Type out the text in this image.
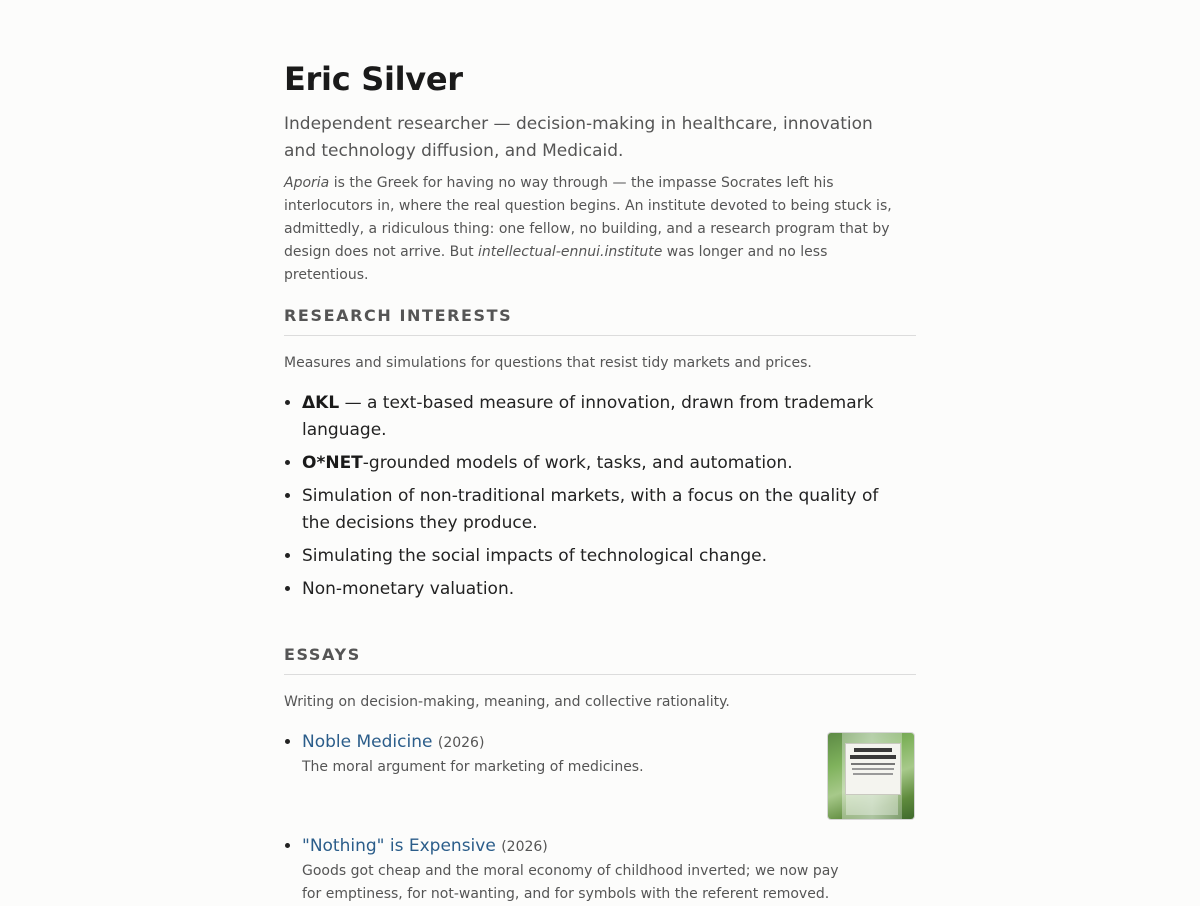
Eric Silver

Independent researcher — decision-making in healthcare, innovation and technology diffusion, and Medicaid.

Aporia is the Greek for having no way through — the impasse Socrates left his interlocutors in, where the real question begins. An institute devoted to being stuck is, admittedly, a ridiculous thing: one fellow, no building, and a research program that by design does not arrive. But intellectual-ennui.institute was longer and no less pretentious.

RESEARCH INTERESTS

Measures and simulations for questions that resist tidy markets and prices.

• ΔKL — a text-based measure of innovation, drawn from trademark language.
• O*NET-grounded models of work, tasks, and automation.
• Simulation of non-traditional markets, with a focus on the quality of the decisions they produce.
• Simulating the social impacts of technological change.
• Non-monetary valuation.
ESSAYS

Writing on decision-making, meaning, and collective rationality.

• Noble Medicine (2026)
The moral argument for marketing of medicines.
• "Nothing" is Expensive (2026)
Goods got cheap and the moral economy of childhood inverted; we now pay for emptiness, for not-wanting, and for symbols with the referent removed.
